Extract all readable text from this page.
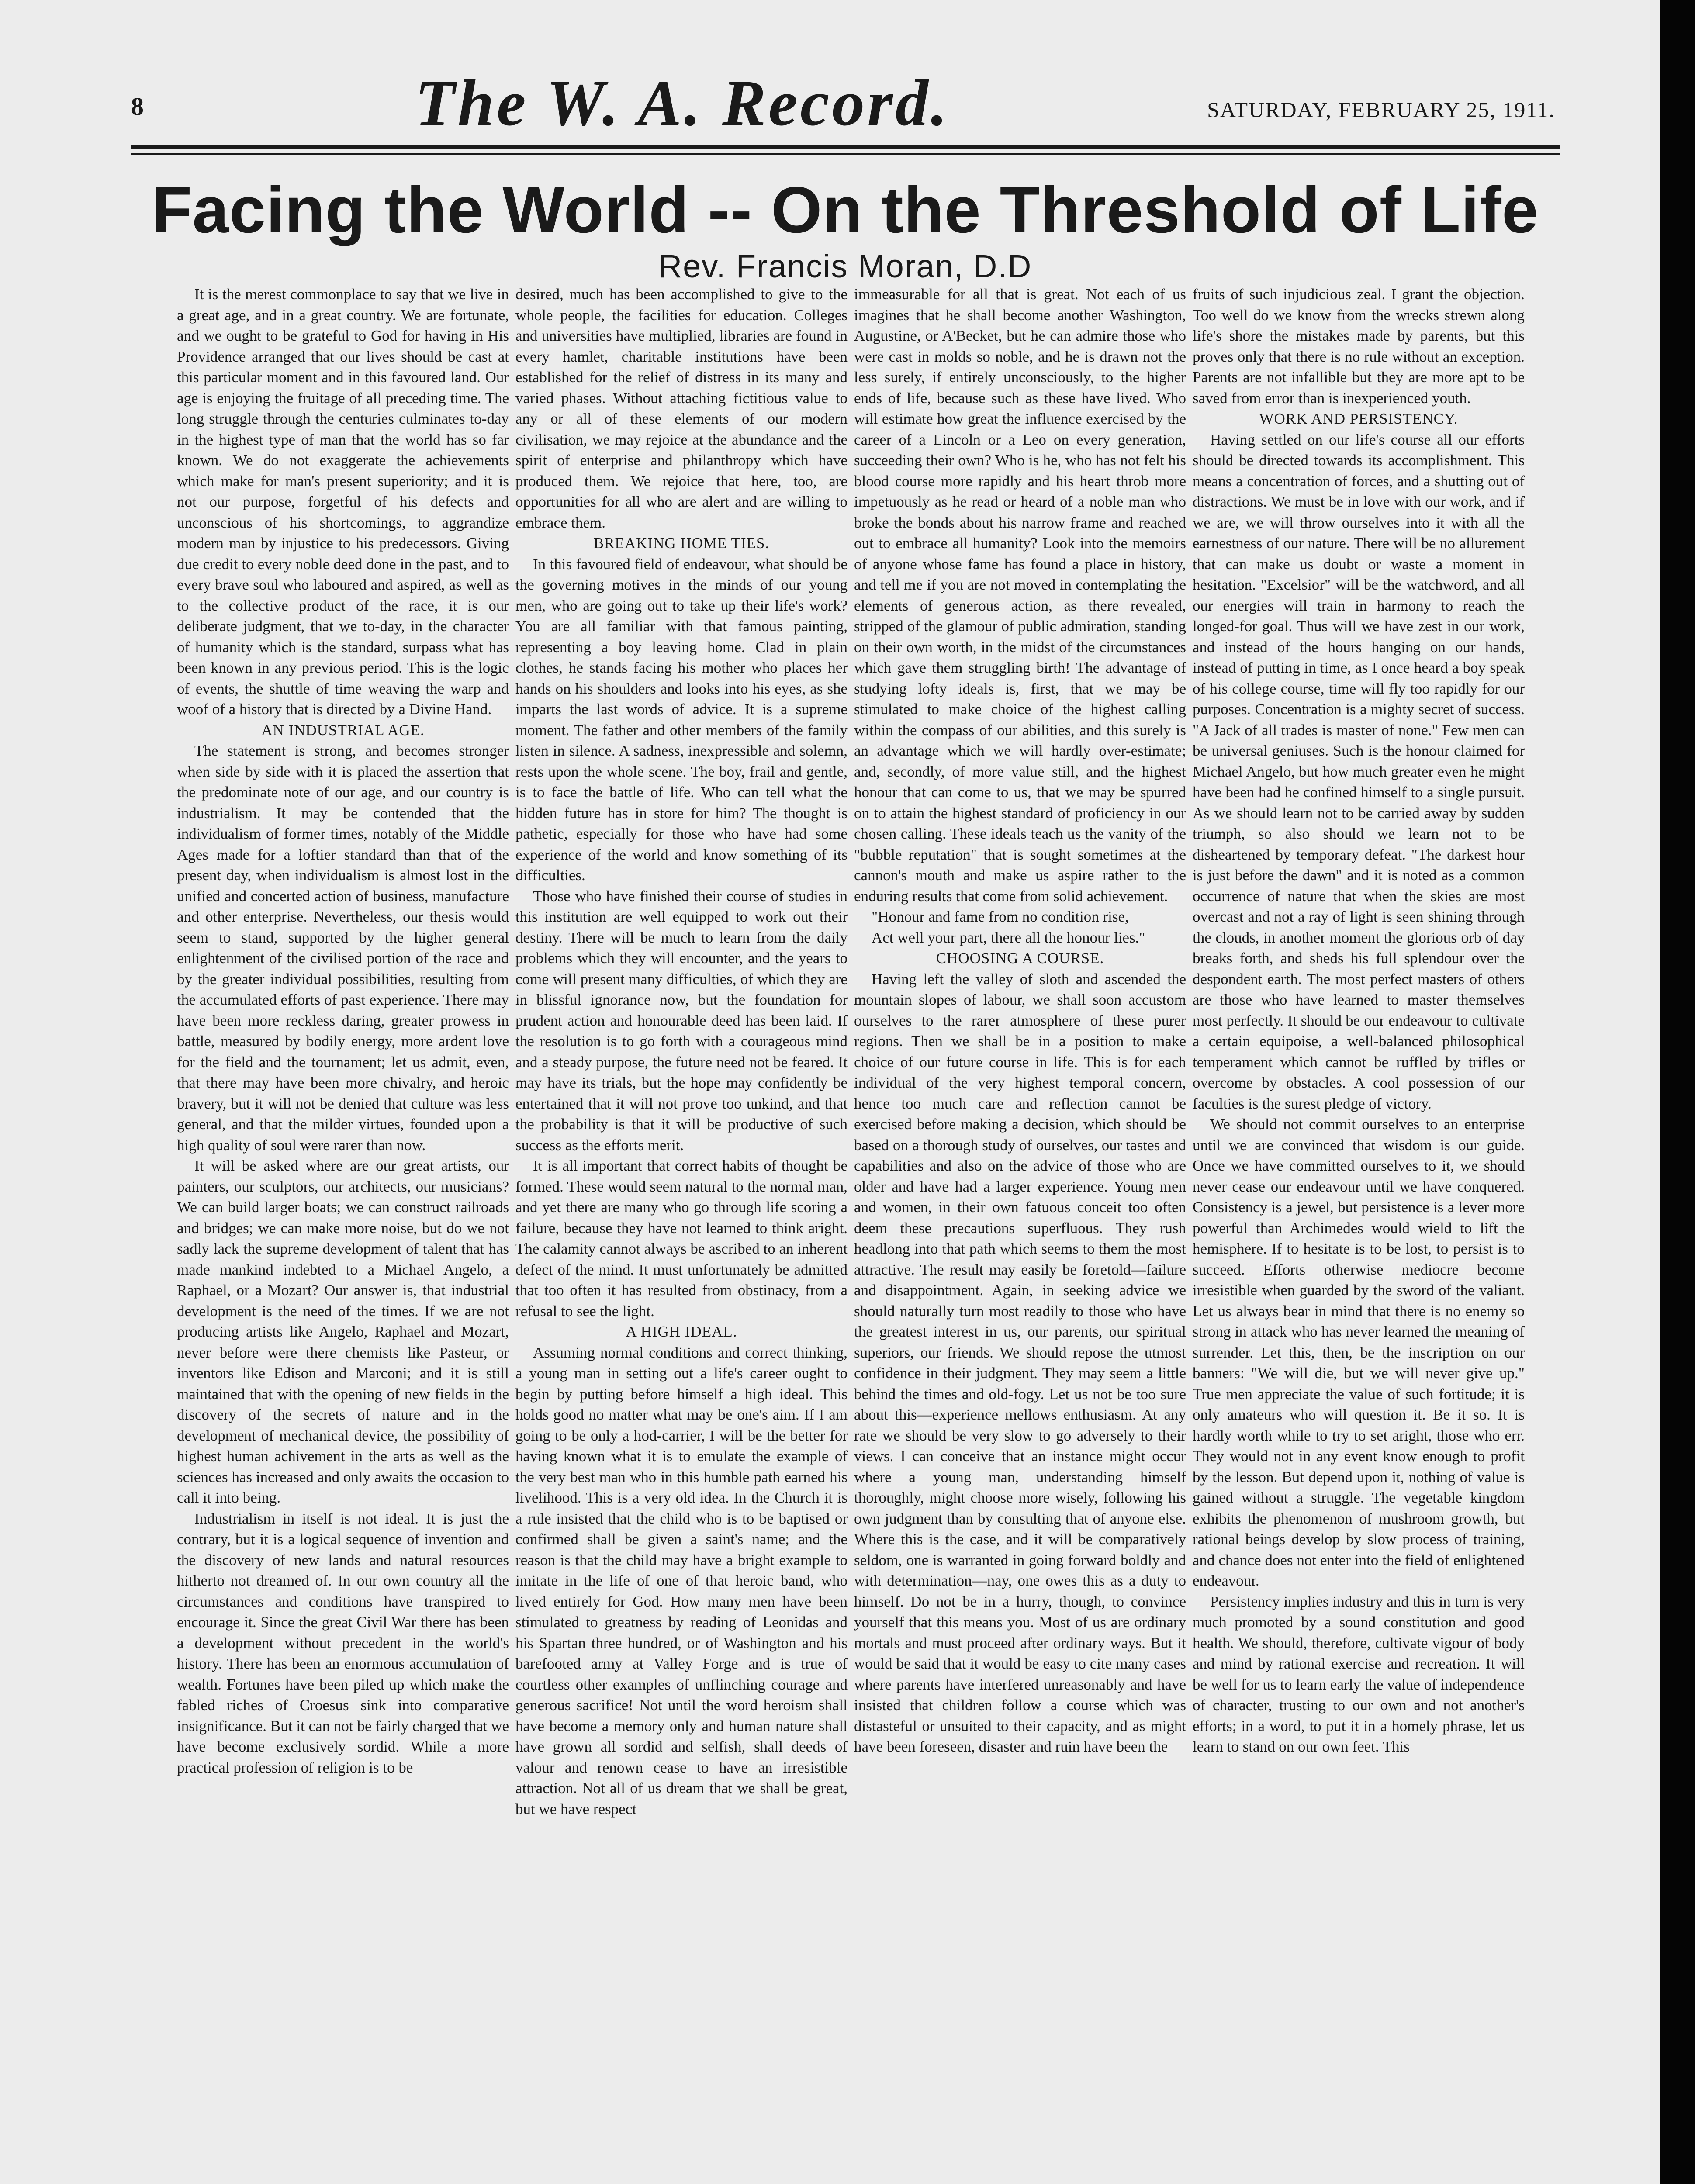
8	The W. A. Record.	SATURDAY, FEBRUARY 25, 1911.
Facing the World -- On the Threshold of Life
Rev. Francis Moran, D.D

It is the merest commonplace to say that we live in a great age, and in a great country. We are fortunate, and we ought to be grateful to God for having in His Providence arranged that our lives should be cast at this particular moment and in this favoured land. Our age is enjoying the fruitage of all preceding time. The long struggle through the centuries culminates to-day in the highest type of man that the world has so far known. We do not exaggerate the achievements which make for man's present superiority; and it is not our purpose, forgetful of his defects and unconscious of his shortcomings, to aggrandize modern man by injustice to his predecessors. Giving due credit to every noble deed done in the past, and to every brave soul who laboured and aspired, as well as to the collective product of the race, it is our deliberate judgment, that we to-day, in the character of humanity which is the standard, surpass what has been known in any previous period. This is the logic of events, the shuttle of time weaving the warp and woof of a history that is directed by a Divine Hand.

AN INDUSTRIAL AGE.

The statement is strong, and becomes stronger when side by side with it is placed the assertion that the predominate note of our age, and our country is industrialism. It may be contended that the individualism of former times, notably of the Middle Ages made for a loftier standard than that of the present day, when individualism is almost lost in the unified and concerted action of business, manufacture and other enterprise. Nevertheless, our thesis would seem to stand, supported by the higher general enlightenment of the civilised portion of the race and by the greater individual possibilities, resulting from the accumulated efforts of past experience. There may have been more reckless daring, greater prowess in battle, measured by bodily energy, more ardent love for the field and the tournament; let us admit, even, that there may have been more chivalry, and heroic bravery, but it will not be denied that culture was less general, and that the milder virtues, founded upon a high quality of soul were rarer than now.

It will be asked where are our great artists, our painters, our sculptors, our architects, our musicians? We can build larger boats; we can construct railroads and bridges; we can make more noise, but do we not sadly lack the supreme development of talent that has made mankind indebted to a Michael Angelo, a Raphael, or a Mozart? Our answer is, that industrial development is the need of the times. If we are not producing artists like Angelo, Raphael and Mozart, never before were there chemists like Pasteur, or inventors like Edison and Marconi; and it is still maintained that with the opening of new fields in the discovery of the secrets of nature and in the development of mechanical device, the possibility of highest human achivement in the arts as well as the sciences has increased and only awaits the occasion to call it into being.

Industrialism in itself is not ideal. It is just the contrary, but it is a logical sequence of invention and the discovery of new lands and natural resources hitherto not dreamed of. In our own country all the circumstances and conditions have transpired to encourage it. Since the great Civil War there has been a development without precedent in the world's history. There has been an enormous accumulation of wealth. Fortunes have been piled up which make the fabled riches of Croesus sink into comparative insignificance. But it can not be fairly charged that we have become exclusively sordid. While a more practical profession of religion is to be

desired, much has been accomplished to give to the whole people, the facilities for education. Colleges and universities have multiplied, libraries are found in every hamlet, charitable institutions have been established for the relief of distress in its many and varied phases. Without attaching fictitious value to any or all of these elements of our modern civilisation, we may rejoice at the abundance and the spirit of enterprise and philanthropy which have produced them. We rejoice that here, too, are opportunities for all who are alert and are willing to embrace them.

BREAKING HOME TIES.

In this favoured field of endeavour, what should be the governing motives in the minds of our young men, who are going out to take up their life's work? You are all familiar with that famous painting, representing a boy leaving home. Clad in plain clothes, he stands facing his mother who places her hands on his shoulders and looks into his eyes, as she imparts the last words of advice. It is a supreme moment. The father and other members of the family listen in silence. A sadness, inexpressible and solemn, rests upon the whole scene. The boy, frail and gentle, is to face the battle of life. Who can tell what the hidden future has in store for him? The thought is pathetic, especially for those who have had some experience of the world and know something of its difficulties.

Those who have finished their course of studies in this institution are well equipped to work out their destiny. There will be much to learn from the daily problems which they will encounter, and the years to come will present many difficulties, of which they are in blissful ignorance now, but the foundation for prudent action and honourable deed has been laid. If the resolution is to go forth with a courageous mind and a steady purpose, the future need not be feared. It may have its trials, but the hope may confidently be entertained that it will not prove too unkind, and that the probability is that it will be productive of such success as the efforts merit.

It is all important that correct habits of thought be formed. These would seem natural to the normal man, and yet there are many who go through life scoring a failure, because they have not learned to think aright. The calamity cannot always be ascribed to an inherent defect of the mind. It must unfortunately be admitted that too often it has resulted from obstinacy, from a refusal to see the light.

A HIGH IDEAL.

Assuming normal conditions and correct thinking, a young man in setting out a life's career ought to begin by putting before himself a high ideal. This holds good no matter what may be one's aim. If I am going to be only a hod-carrier, I will be the better for having known what it is to emulate the example of the very best man who in this humble path earned his livelihood. This is a very old idea. In the Church it is a rule insisted that the child who is to be baptised or confirmed shall be given a saint's name; and the reason is that the child may have a bright example to imitate in the life of one of that heroic band, who lived entirely for God. How many men have been stimulated to greatness by reading of Leonidas and his Spartan three hundred, or of Washington and his barefooted army at Valley Forge and is true of courtless other examples of unflinching courage and generous sacrifice! Not until the word heroism shall have become a memory only and human nature shall have grown all sordid and selfish, shall deeds of valour and renown cease to have an irresistible attraction. Not all of us dream that we shall be great, but we have respect

immeasurable for all that is great. Not each of us imagines that he shall become another Washington, Augustine, or A'Becket, but he can admire those who were cast in molds so noble, and he is drawn not the less surely, if entirely unconsciously, to the higher ends of life, because such as these have lived. Who will estimate how great the influence exercised by the career of a Lincoln or a Leo on every generation, succeeding their own? Who is he, who has not felt his blood course more rapidly and his heart throb more impetuously as he read or heard of a noble man who broke the bonds about his narrow frame and reached out to embrace all humanity? Look into the memoirs of anyone whose fame has found a place in history, and tell me if you are not moved in contemplating the elements of generous action, as there revealed, stripped of the glamour of public admiration, standing on their own worth, in the midst of the circumstances which gave them struggling birth! The advantage of studying lofty ideals is, first, that we may be stimulated to make choice of the highest calling within the compass of our abilities, and this surely is an advantage which we will hardly over-estimate; and, secondly, of more value still, and the highest honour that can come to us, that we may be spurred on to attain the highest standard of proficiency in our chosen calling. These ideals teach us the vanity of the "bubble reputation" that is sought sometimes at the cannon's mouth and make us aspire rather to the enduring results that come from solid achievement.

"Honour and fame from no condition rise,

Act well your part, there all the honour lies."

CHOOSING A COURSE.

Having left the valley of sloth and ascended the mountain slopes of labour, we shall soon accustom ourselves to the rarer atmosphere of these purer regions. Then we shall be in a position to make choice of our future course in life. This is for each individual of the very highest temporal concern, hence too much care and reflection cannot be exercised before making a decision, which should be based on a thorough study of ourselves, our tastes and capabilities and also on the advice of those who are older and have had a larger experience. Young men and women, in their own fatuous conceit too often deem these precautions superfluous. They rush headlong into that path which seems to them the most attractive. The result may easily be foretold—failure and disappointment. Again, in seeking advice we should naturally turn most readily to those who have the greatest interest in us, our parents, our spiritual superiors, our friends. We should repose the utmost confidence in their judgment. They may seem a little behind the times and old-fogy. Let us not be too sure about this—experience mellows enthusiasm. At any rate we should be very slow to go adversely to their views. I can conceive that an instance might occur where a young man, understanding himself thoroughly, might choose more wisely, following his own judgment than by consulting that of anyone else. Where this is the case, and it will be comparatively seldom, one is warranted in going forward boldly and with determination—nay, one owes this as a duty to himself. Do not be in a hurry, though, to convince yourself that this means you. Most of us are ordinary mortals and must proceed after ordinary ways. But it would be said that it would be easy to cite many cases where parents have interfered unreasonably and have insisted that children follow a course which was distasteful or unsuited to their capacity, and as might have been foreseen, disaster and ruin have been the

fruits of such injudicious zeal. I grant the objection. Too well do we know from the wrecks strewn along life's shore the mistakes made by parents, but this proves only that there is no rule without an exception. Parents are not infallible but they are more apt to be saved from error than is inexperienced youth.

WORK AND PERSISTENCY.

Having settled on our life's course all our efforts should be directed towards its accomplishment. This means a concentration of forces, and a shutting out of distractions. We must be in love with our work, and if we are, we will throw ourselves into it with all the earnestness of our nature. There will be no allurement that can make us doubt or waste a moment in hesitation. "Excelsior" will be the watchword, and all our energies will train in harmony to reach the longed-for goal. Thus will we have zest in our work, and instead of the hours hanging on our hands, instead of putting in time, as I once heard a boy speak of his college course, time will fly too rapidly for our purposes. Concentration is a mighty secret of success. "A Jack of all trades is master of none." Few men can be universal geniuses. Such is the honour claimed for Michael Angelo, but how much greater even he might have been had he confined himself to a single pursuit. As we should learn not to be carried away by sudden triumph, so also should we learn not to be disheartened by temporary defeat. "The darkest hour is just before the dawn" and it is noted as a common occurrence of nature that when the skies are most overcast and not a ray of light is seen shining through the clouds, in another moment the glorious orb of day breaks forth, and sheds his full splendour over the despondent earth. The most perfect masters of others are those who have learned to master themselves most perfectly. It should be our endeavour to cultivate a certain equipoise, a well-balanced philosophical temperament which cannot be ruffled by trifles or overcome by obstacles. A cool possession of our faculties is the surest pledge of victory.

We should not commit ourselves to an enterprise until we are convinced that wisdom is our guide. Once we have committed ourselves to it, we should never cease our endeavour until we have conquered. Consistency is a jewel, but persistence is a lever more powerful than Archimedes would wield to lift the hemisphere. If to hesitate is to be lost, to persist is to succeed. Efforts otherwise mediocre become irresistible when guarded by the sword of the valiant. Let us always bear in mind that there is no enemy so strong in attack who has never learned the meaning of surrender. Let this, then, be the inscription on our banners: "We will die, but we will never give up." True men appreciate the value of such fortitude; it is only amateurs who will question it. Be it so. It is hardly worth while to try to set aright, those who err. They would not in any event know enough to profit by the lesson. But depend upon it, nothing of value is gained without a struggle. The vegetable kingdom exhibits the phenomenon of mushroom growth, but rational beings develop by slow process of training, and chance does not enter into the field of enlightened endeavour.

Persistency implies industry and this in turn is very much promoted by a sound constitution and good health. We should, therefore, cultivate vigour of body and mind by rational exercise and recreation. It will be well for us to learn early the value of independence of character, trusting to our own and not another's efforts; in a word, to put it in a homely phrase, let us learn to stand on our own feet. This
